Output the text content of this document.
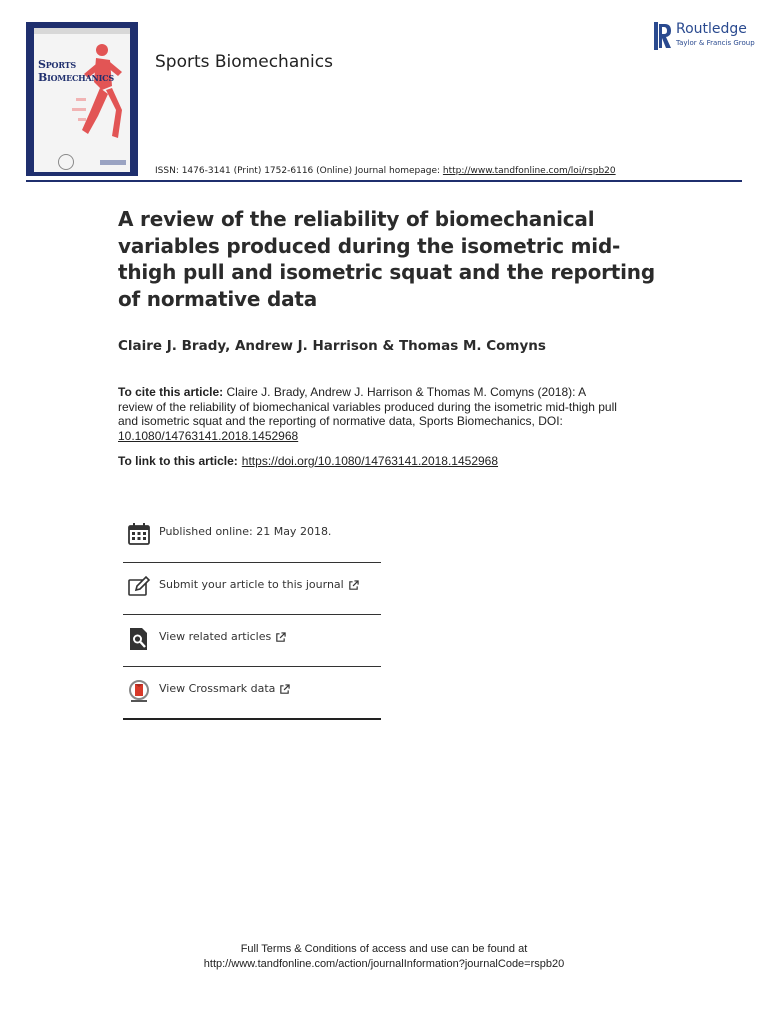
Sports
Biomechanics
Sports Biomechanics
Routledge
Taylor & Francis Group
ISSN: 1476-3141 (Print) 1752-6116 (Online) Journal homepage: http://www.tandfonline.com/loi/rspb20
A review of the reliability of biomechanical variables produced during the isometric mid-thigh pull and isometric squat and the reporting of normative data
Claire J. Brady, Andrew J. Harrison & Thomas M. Comyns
To cite this article: Claire J. Brady, Andrew J. Harrison & Thomas M. Comyns (2018): A review of the reliability of biomechanical variables produced during the isometric mid-thigh pull and isometric squat and the reporting of normative data, Sports Biomechanics, DOI: 10.1080/14763141.2018.1452968
To link to this article: https://doi.org/10.1080/14763141.2018.1452968
Published online: 21 May 2018.
Submit your article to this journal
View related articles
View Crossmark data
Full Terms & Conditions of access and use can be found at
http://www.tandfonline.com/action/journalInformation?journalCode=rspb20
